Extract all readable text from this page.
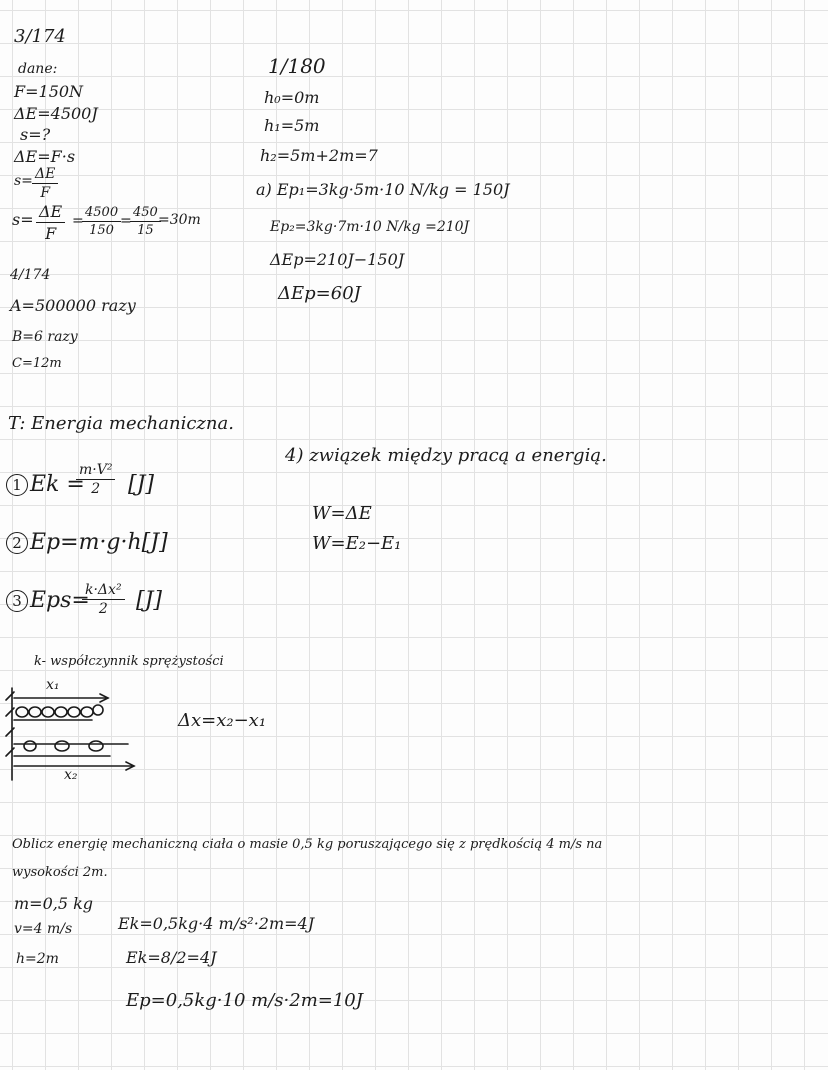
3/174
dane:
F=150N
ΔE=4500J
s=?
ΔE=F·s
$s= \frac{\Delta E}{F}$
$s= \frac{\Delta E}{F}$ =
$\frac{4500}{150}$
=
$\frac{450}{15}$
=30m
1/180
h₀=0m
h₁=5m
h₂=5m+2m=7
a) Ep₁=3kg·5m·10 N/kg = 150J
Ep₂=3kg·7m·10 N/kg =210J
ΔEp=210J−150J
ΔEp=60J
4/174
A=500000 razy
B=6 razy
C=12m
T: Energia mechaniczna.
1 Ek =
$\frac{\text{m·V²}}{2} [J]$
2 Ep=m·g·h[J]
3 Eps=
$\frac{\text{k·Δx²}}{2} [J]$
4) związek między pracą a energią.
W=ΔE
W=E₂−E₁
k- współczynnik sprężystości
x₁
x₂
Δx=x₂−x₁
Oblicz energię mechaniczną ciała o masie 0,5 kg poruszającego się z prędkością 4 m/s na
wysokości 2m.
m=0,5 kg
v=4 m/s
h=2m
Ek=0,5kg·4 m/s²·2m=4J
Ek=8/2=4J
Ep=0,5kg·10 m/s·2m=10J
